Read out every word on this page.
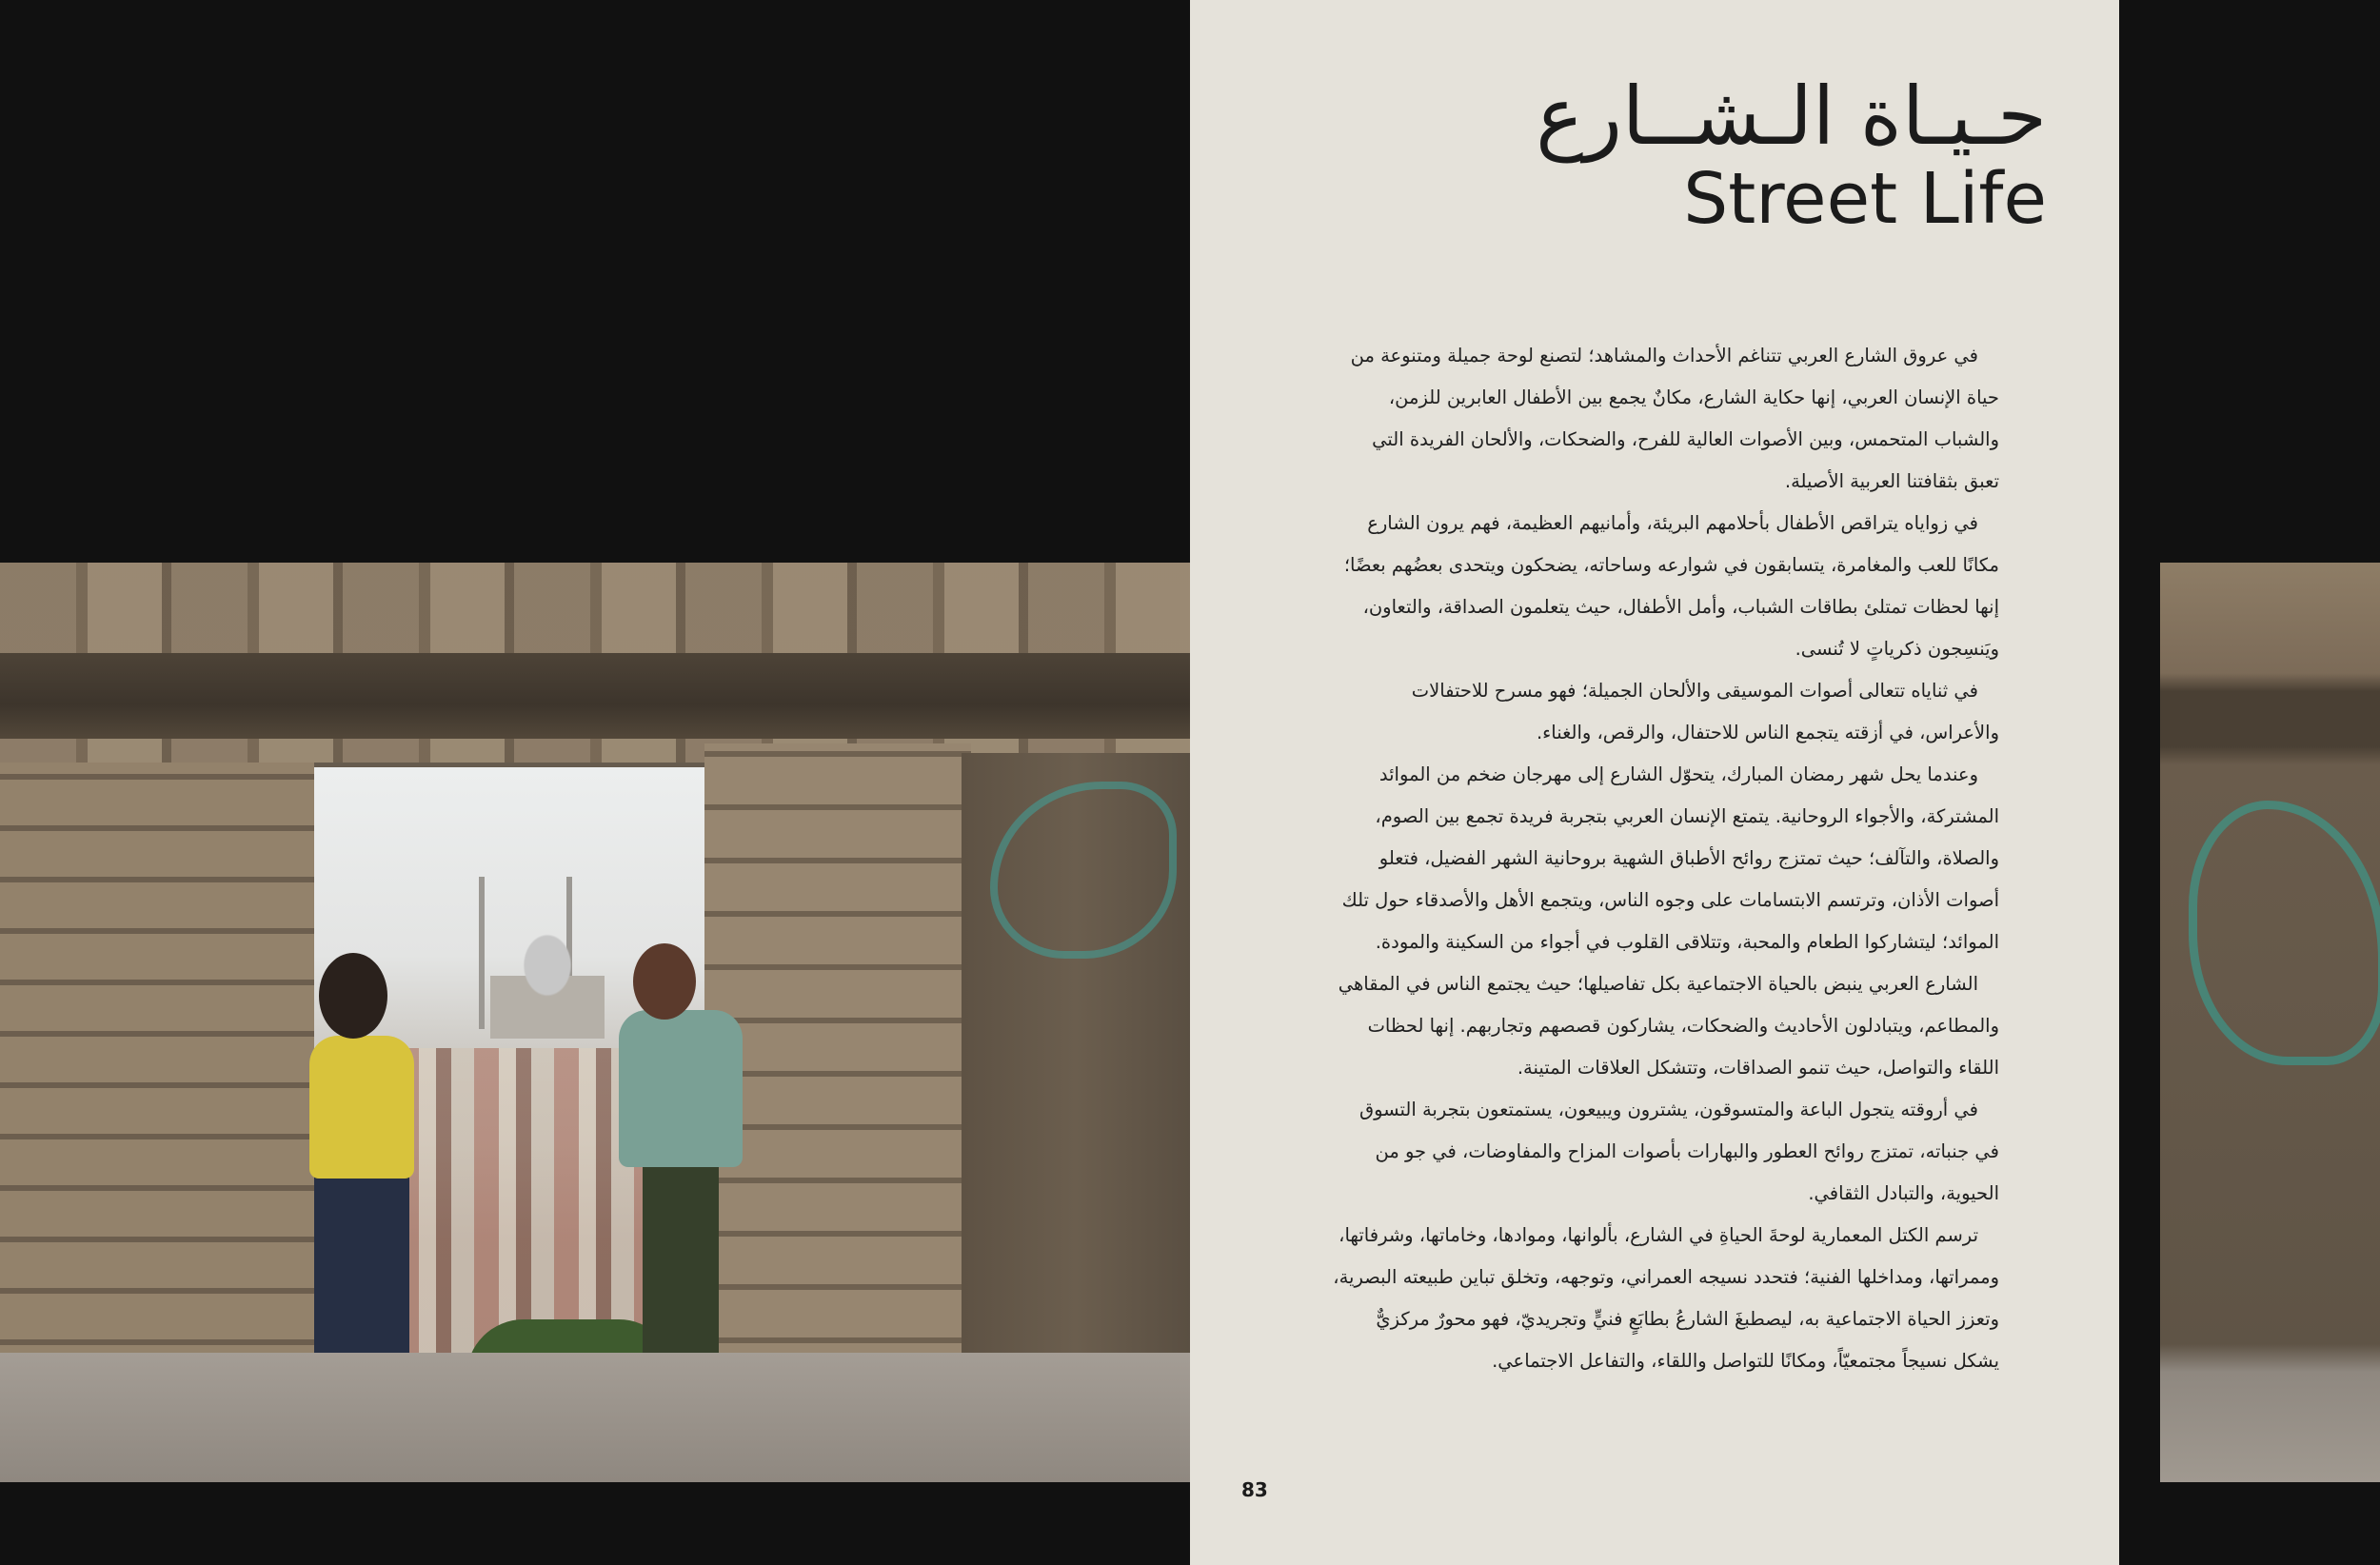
حـيـاة الـشــارع
Street Life

في عروق الشارع العربي تتناغم الأحداث والمشاهد؛ لتصنع لوحة جميلة ومتنوعة من حياة الإنسان العربي، إنها حكاية الشارع، مكانٌ يجمع بين الأطفال العابرين للزمن، والشباب المتحمس، وبين الأصوات العالية للفرح، والضحكات، والألحان الفريدة التي تعبق بثقافتنا العربية الأصيلة.

في زواياه يتراقص الأطفال بأحلامهم البريئة، وأمانيهم العظيمة، فهم يرون الشارع مكانًا للعب والمغامرة، يتسابقون في شوارعه وساحاته، يضحكون ويتحدى بعضُهم بعضًا؛ إنها لحظات تمتلئ بطاقات الشباب، وأمل الأطفال، حيث يتعلمون الصداقة، والتعاون، ويَنسِجون ذكرياتٍ لا تُنسى.

في ثناياه تتعالى أصوات الموسيقى والألحان الجميلة؛ فهو مسرح للاحتفالات والأعراس، في أزقته يتجمع الناس للاحتفال، والرقص، والغناء.

وعندما يحل شهر رمضان المبارك، يتحوّل الشارع إلى مهرجان ضخم من الموائد المشتركة، والأجواء الروحانية. يتمتع الإنسان العربي بتجربة فريدة تجمع بين الصوم، والصلاة، والتآلف؛ حيث تمتزج روائح الأطباق الشهية بروحانية الشهر الفضيل، فتعلو أصوات الأذان، وترتسم الابتسامات على وجوه الناس، ويتجمع الأهل والأصدقاء حول تلك الموائد؛ ليتشاركوا الطعام والمحبة، وتتلاقى القلوب في أجواء من السكينة والمودة.

الشارع العربي ينبض بالحياة الاجتماعية بكل تفاصيلها؛ حيث يجتمع الناس في المقاهي والمطاعم، ويتبادلون الأحاديث والضحكات، يشاركون قصصهم وتجاربهم. إنها لحظات اللقاء والتواصل، حيث تنمو الصداقات، وتتشكل العلاقات المتينة.

في أروقته يتجول الباعة والمتسوقون، يشترون ويبيعون، يستمتعون بتجربة التسوق في جنباته، تمتزج روائح العطور والبهارات بأصوات المزاح والمفاوضات، في جو من الحيوية، والتبادل الثقافي.

ترسم الكتل المعمارية لوحةَ الحياةِ في الشارع، بألوانها، وموادها، وخاماتها، وشرفاتها، وممراتها، ومداخلها الفنية؛ فتحدد نسيجه العمراني، وتوجهه، وتخلق تباين طبيعته البصرية، وتعزز الحياة الاجتماعية به، ليصطبغَ الشارعُ بطابَعٍ فنيٍّ وتجريديّ، فهو محورٌ مركزيٌّ يشكل نسيجاً مجتمعيّاً، ومكانًا للتواصل واللقاء، والتفاعل الاجتماعي.

83
